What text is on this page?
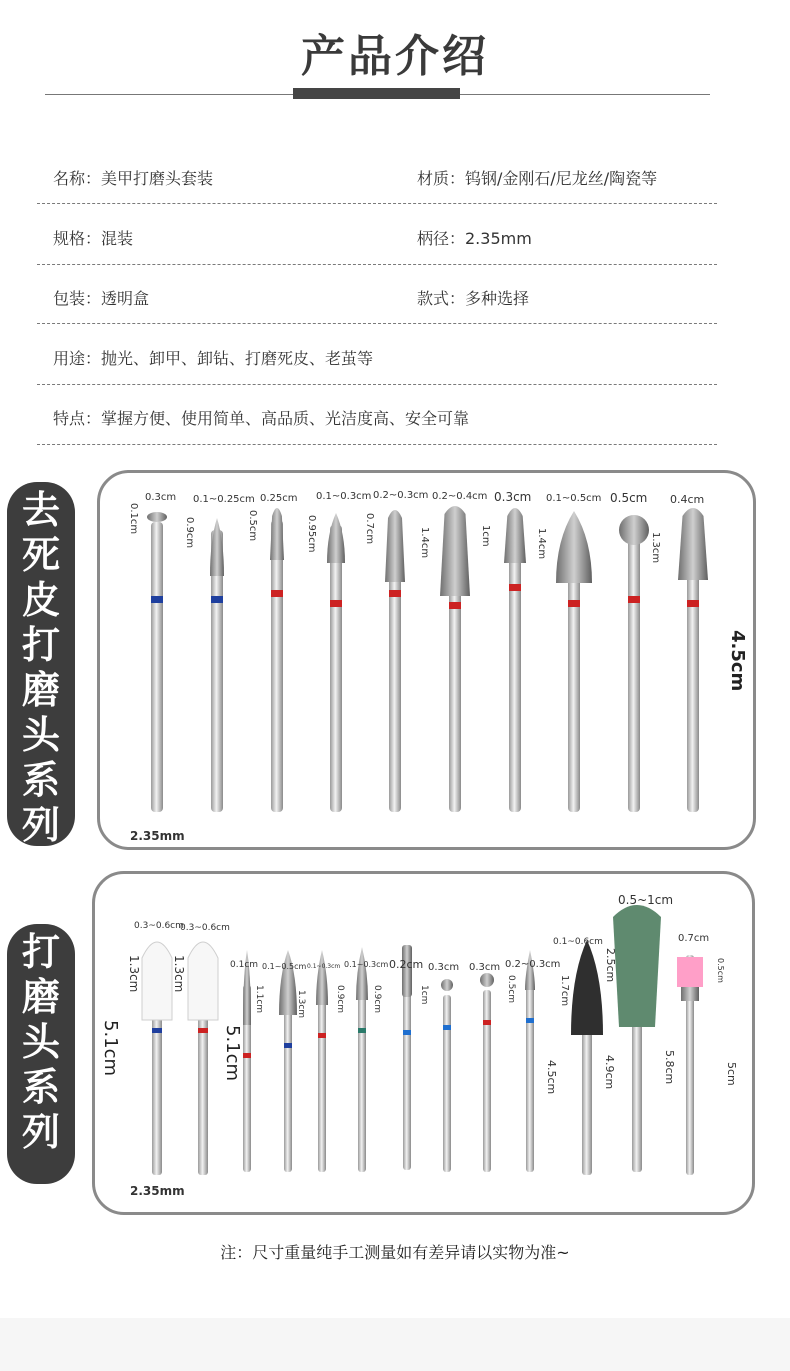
产品介绍
名称：美甲打磨头套装	材质：钨钢/金刚石/尼龙丝/陶瓷等
规格：混装	柄径：2.35mm
包装：透明盒	款式：多种选择
用途：抛光、卸甲、卸钻、打磨死皮、老茧等
特点：掌握方便、使用简单、高品质、光洁度高、安全可靠
去
死
皮
打
磨
头
系
列
打
磨
头
系
列
0.3cm
0.1cm
0.1~0.25cm
0.9cm
0.25cm
0.5cm
0.1~0.3cm
0.95cm
0.2~0.3cm
0.7cm
0.2~0.4cm
1.4cm
0.3cm
1cm
0.1~0.5cm
1.4cm
0.5cm
1.3cm
0.4cm
4.5cm
2.35mm
0.3~0.6cm
1.3cm
5.1cm
0.3~0.6cm
1.3cm
5.1cm
0.1cm
1.1cm
0.1~0.5cm
1.3cm
0.1~0.3cm
0.9cm
0.1~0.3cm
0.9cm
0.2cm
1cm
0.3cm 0.3cm
0.5cm
0.2~0.3cm
4.5cm
0.1~0.6cm
1.7cm
4.9cm
0.5~1cm
2.5cm
5.8cm
0.7cm
0.5cm
5cm
2.35mm
注：尺寸重量纯手工测量如有差异请以实物为准~
